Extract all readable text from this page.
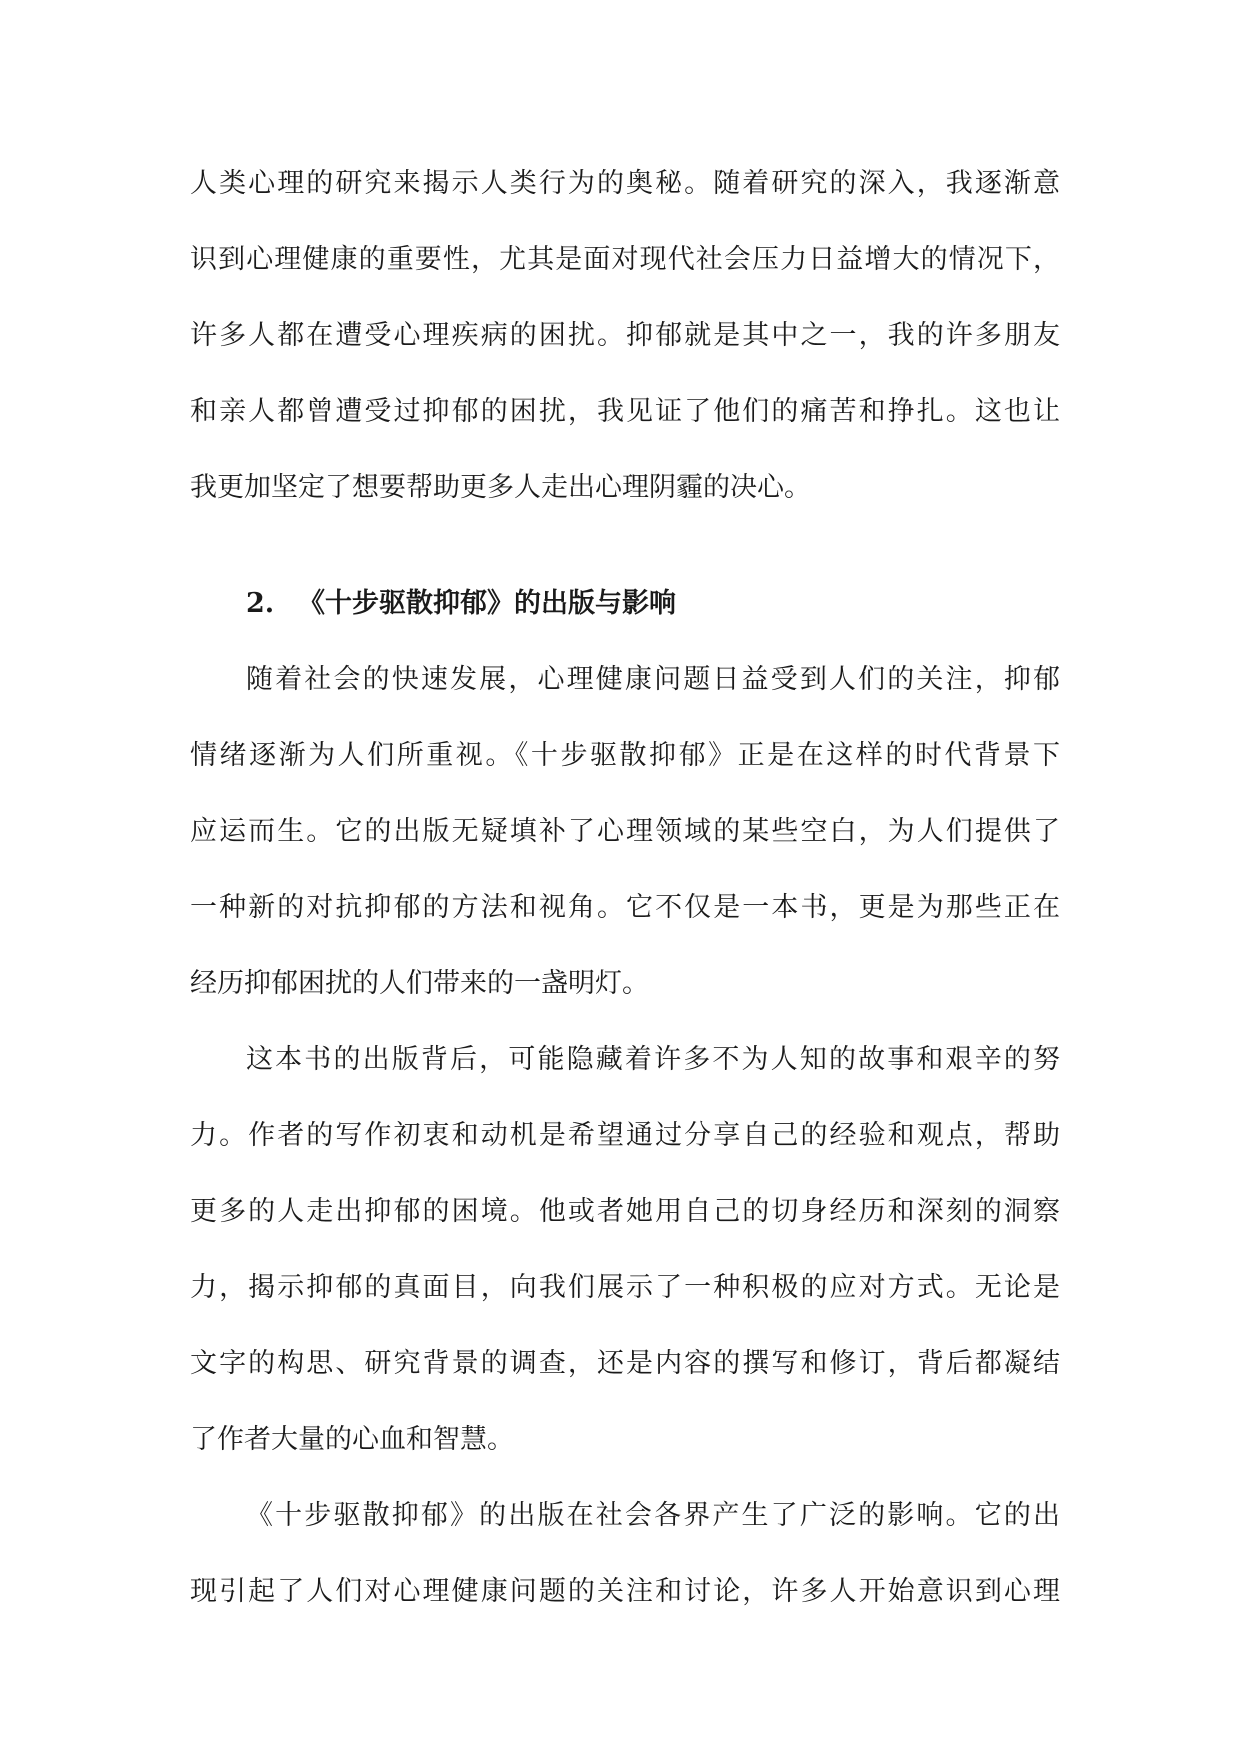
人类心理的研究来揭示人类行为的奥秘。随着研究的深入，我逐渐意
识到心理健康的重要性，尤其是面对现代社会压力日益增大的情况下，
许多人都在遭受心理疾病的困扰。抑郁就是其中之一，我的许多朋友
和亲人都曾遭受过抑郁的困扰，我见证了他们的痛苦和挣扎。这也让
我更加坚定了想要帮助更多人走出心理阴霾的决心。
2. 《十步驱散抑郁》的出版与影响
随着社会的快速发展，心理健康问题日益受到人们的关注，抑郁
情绪逐渐为人们所重视。《十步驱散抑郁》正是在这样的时代背景下
应运而生。它的出版无疑填补了心理领域的某些空白，为人们提供了
一种新的对抗抑郁的方法和视角。它不仅是一本书，更是为那些正在
经历抑郁困扰的人们带来的一盏明灯。
这本书的出版背后，可能隐藏着许多不为人知的故事和艰辛的努
力。作者的写作初衷和动机是希望通过分享自己的经验和观点，帮助
更多的人走出抑郁的困境。他或者她用自己的切身经历和深刻的洞察
力，揭示抑郁的真面目，向我们展示了一种积极的应对方式。无论是
文字的构思、研究背景的调查，还是内容的撰写和修订，背后都凝结
了作者大量的心血和智慧。
《十步驱散抑郁》的出版在社会各界产生了广泛的影响。它的出
现引起了人们对心理健康问题的关注和讨论，许多人开始意识到心理
